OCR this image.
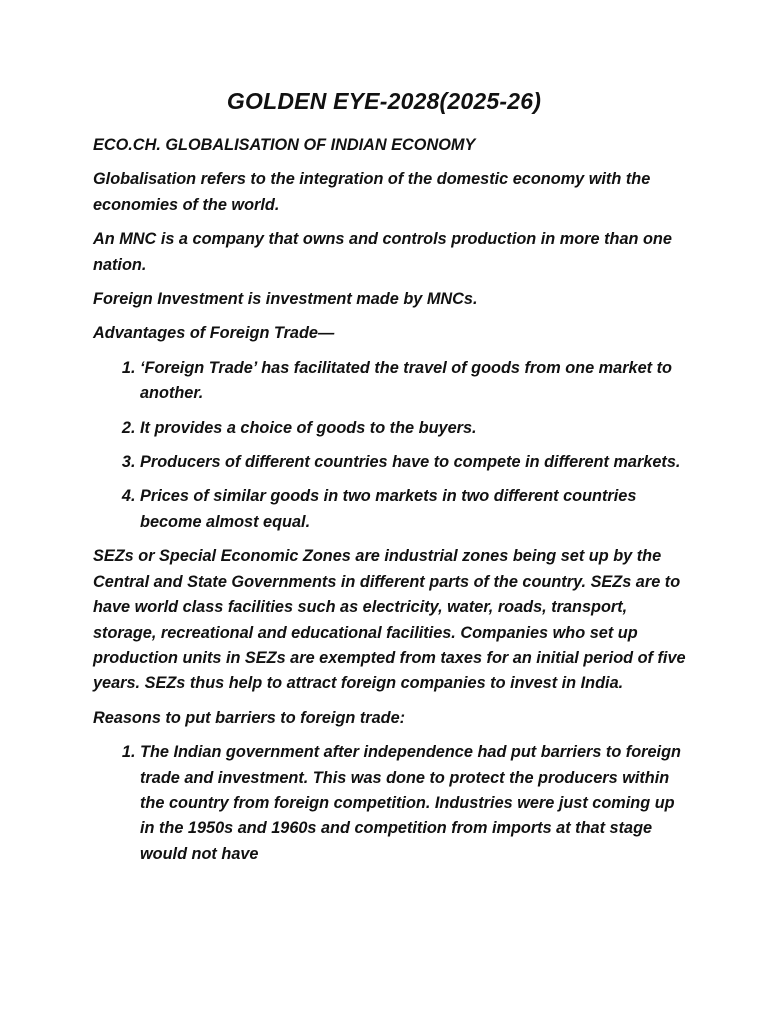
GOLDEN EYE-2028(2025-26)

ECO.CH. GLOBALISATION OF INDIAN ECONOMY

Globalisation refers to the integration of the domestic economy with the economies of the world.

An MNC is a company that owns and controls production in more than one nation.

Foreign Investment is investment made by MNCs.

Advantages of Foreign Trade—

1. ‘Foreign Trade’ has facilitated the travel of goods from one market to another.
2. It provides a choice of goods to the buyers.
3. Producers of different countries have to compete in different markets.
4. Prices of similar goods in two markets in two different countries become almost equal.

SEZs or Special Economic Zones are industrial zones being set up by the Central and State Governments in different parts of the country. SEZs are to have world class facilities such as electricity, water, roads, transport, storage, recreational and educational facilities. Companies who set up production units in SEZs are exempted from taxes for an initial period of five years. SEZs thus help to attract foreign companies to invest in India.

Reasons to put barriers to foreign trade:

1. The Indian government after independence had put barriers to foreign trade and investment. This was done to protect the producers within the country from foreign competition. Industries were just coming up in the 1950s and 1960s and competition from imports at that stage would not have
